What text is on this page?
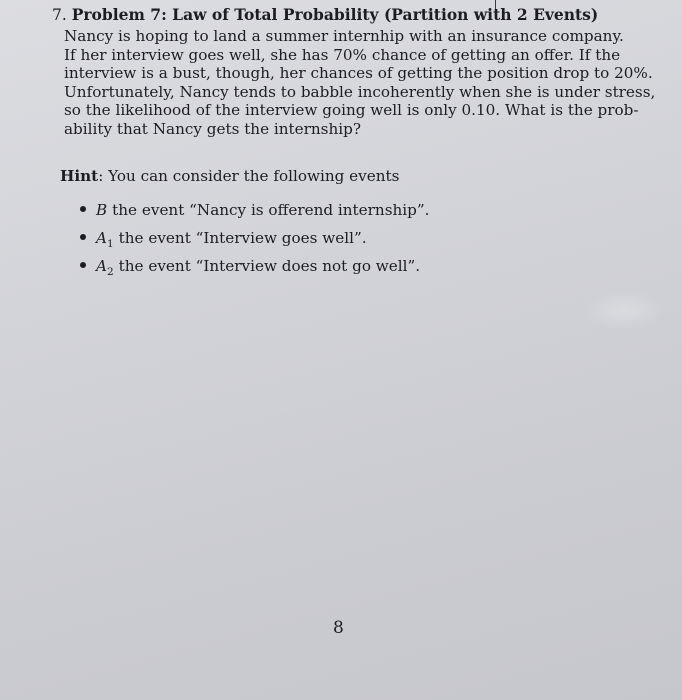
7. Problem 7: Law of Total Probability (Partition with 2 Events)
Nancy is hoping to land a summer internhip with an insurance company.
If her interview goes well, she has 70% chance of getting an offer. If the
interview is a bust, though, her chances of getting the position drop to 20%.
Unfortunately, Nancy tends to babble incoherently when she is under stress,
so the likelihood of the interview going well is only 0.10. What is the prob-
ability that Nancy gets the internship?
Hint: You can consider the following events
B the event “Nancy is offerend internship”.
$A_1$ the event “Interview goes well”.
$A_2$ the event “Interview does not go well”.
8
